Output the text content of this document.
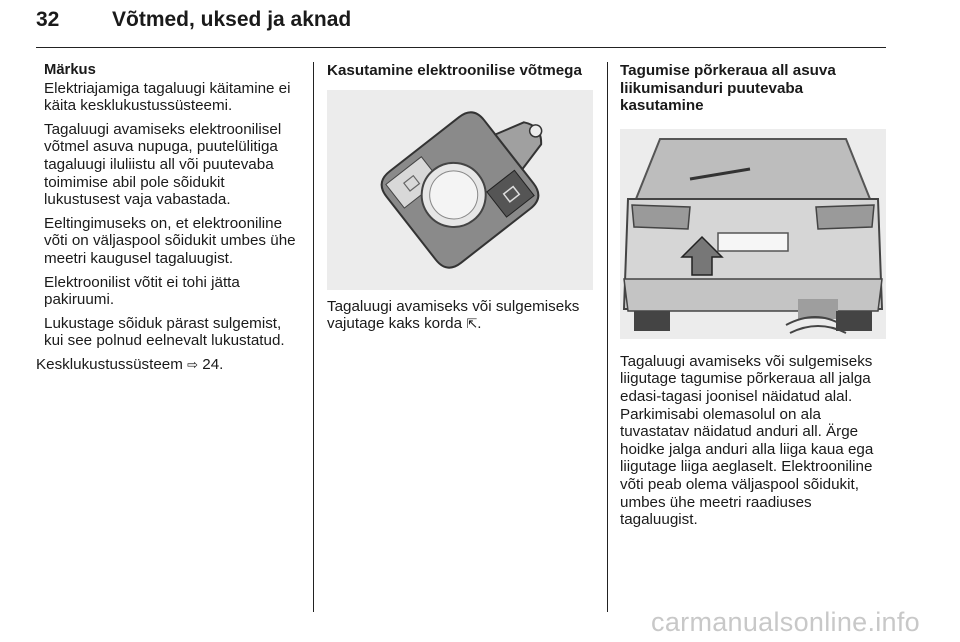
32	Võtmed, uksed ja aknad
Märkus

Elektriajamiga tagaluugi käitamine ei käita kesklukustussüsteemi.

Tagaluugi avamiseks elektroonilisel võtmel asuva nupuga, puutelülitiga tagaluugi iluliistu all või puutevaba toimimise abil pole sõidukit lukustusest vaja vabastada.

Eeltingimuseks on, et elektrooniline võti on väljaspool sõidukit umbes ühe meetri kaugusel tagaluugist.

Elektroonilist võtit ei tohi jätta pakiruumi.

Lukustage sõiduk pärast sulgemist, kui see polnud eelnevalt lukustatud.

Kesklukustussüsteem ⇨ 24.

Kasutamine elektroonilise võtmega

Tagaluugi avamiseks või sulgemiseks vajutage kaks korda ⇱.

Tagumise põrkeraua all asuva liikumisanduri puutevaba kasutamine

Tagaluugi avamiseks või sulgemiseks liigutage tagumise põrkeraua all jalga edasi-tagasi joonisel näidatud alal. Parkimisabi olemasolul on ala tuvastatav näidatud anduri all. Ärge hoidke jalga anduri alla liiga kaua ega liigutage liiga aeglaselt. Elektrooniline võti peab olema väljaspool sõidukit, umbes ühe meetri raadiuses tagaluugist.

carmanualsonline.info
